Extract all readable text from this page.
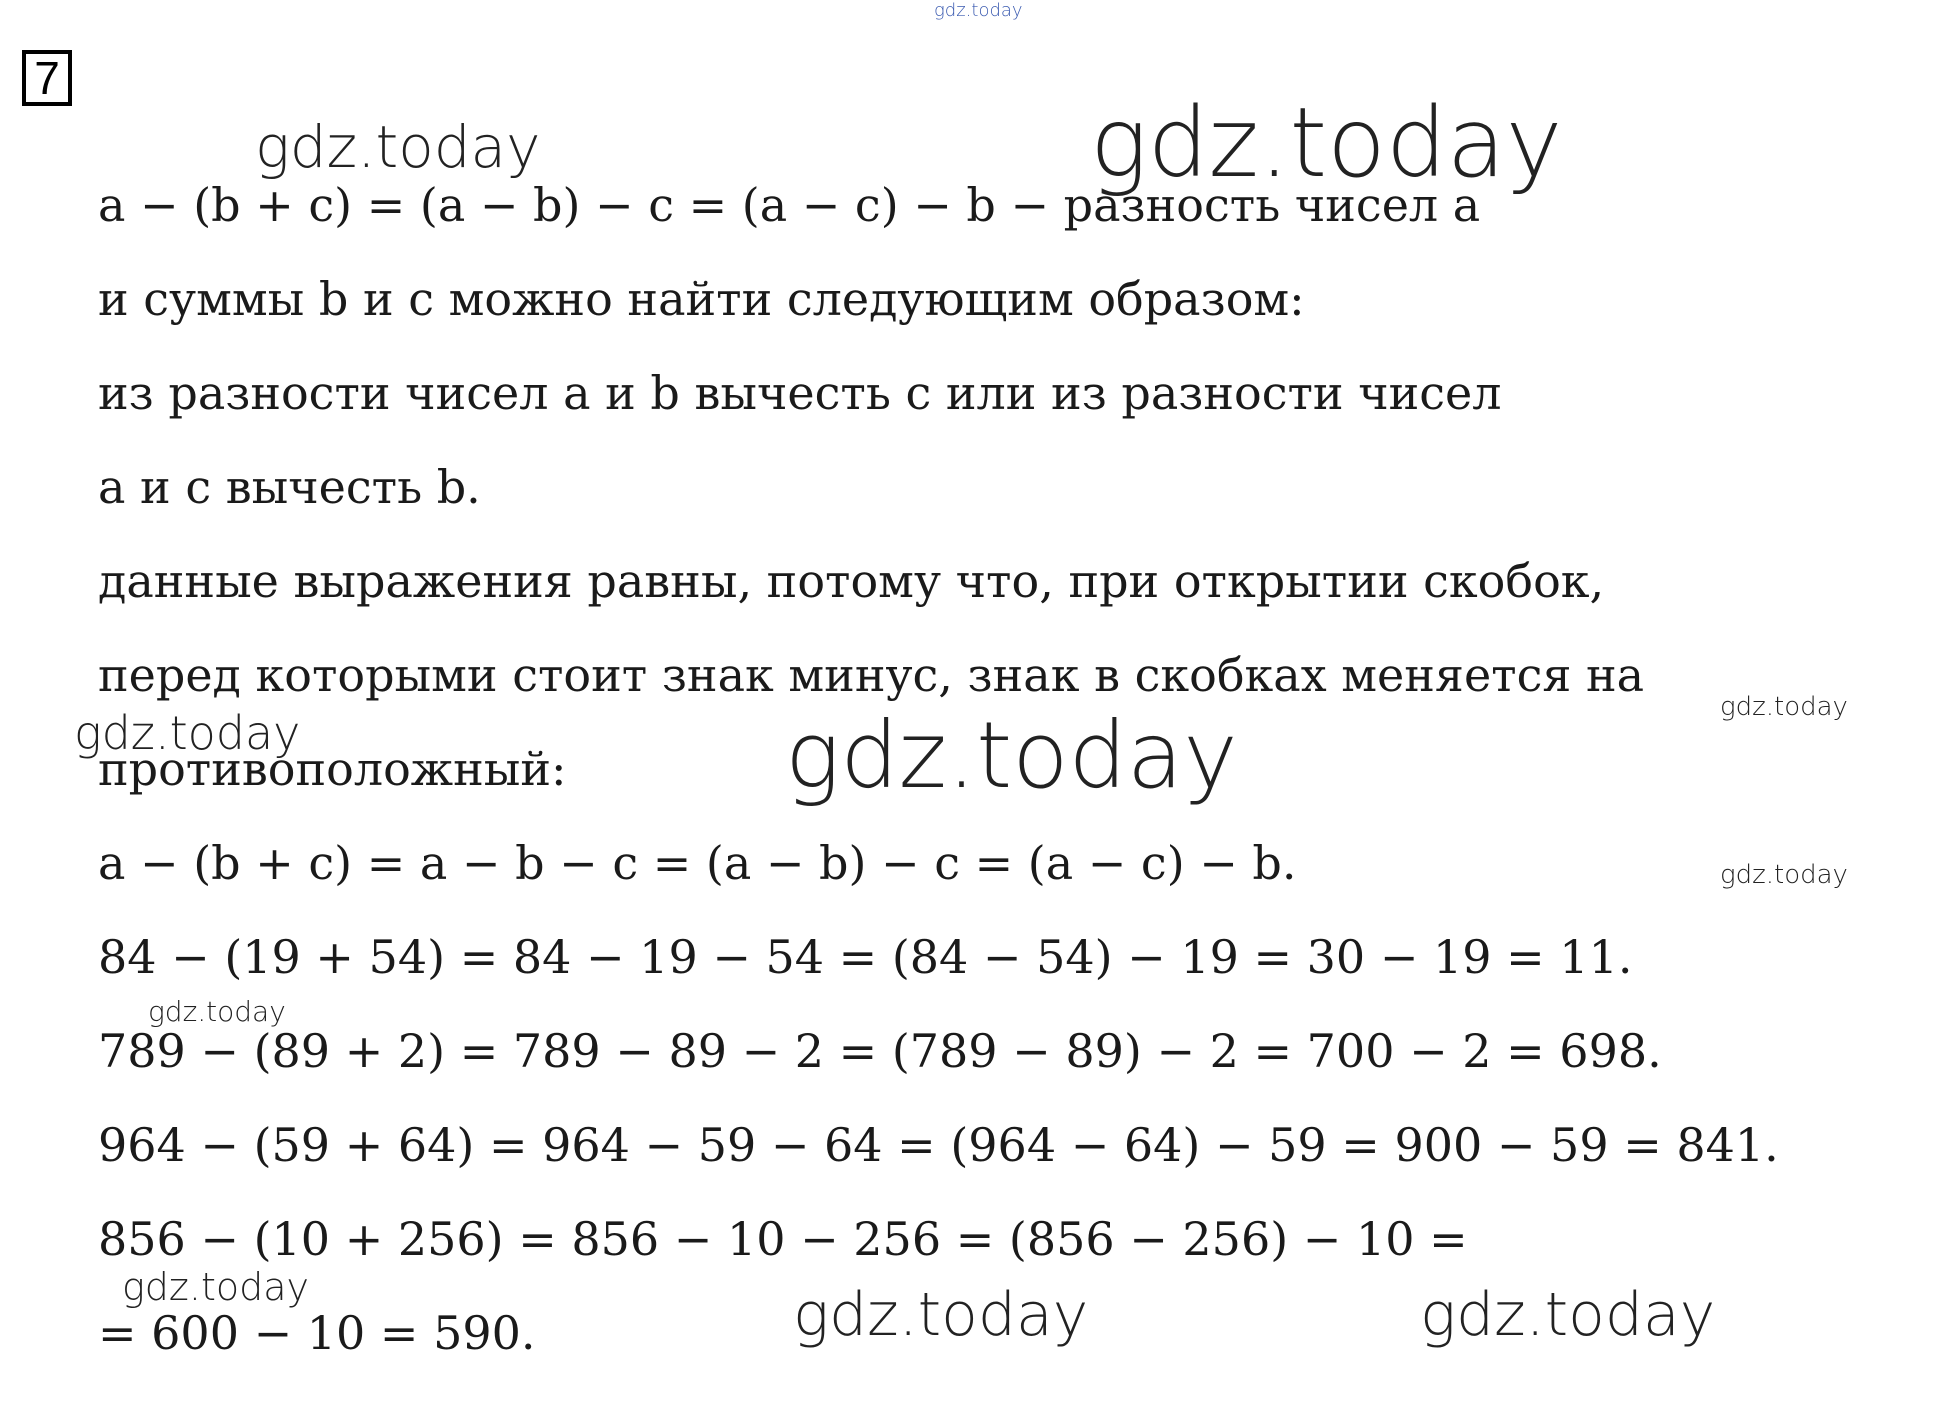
gdz.today
7
gdz.today	gdz.today
gdz.today	gdz.today	gdz.today
gdz.today
gdz.today
gdz.today	gdz.today	gdz.today
a − (b + c) = (a − b) − c = (a − c) − b − разность чисел a
и суммы b и c можно найти следующим образом:
из разности чисел a и b вычесть c или из разности чисел
a и c вычесть b.
данные выражения равны, потому что, при открытии скобок,
перед которыми стоит знак минус, знак в скобках меняется на
противоположный:
a − (b + c) = a − b − c = (a − b) − c = (a − c) − b.
84 − (19 + 54) = 84 − 19 − 54 = (84 − 54) − 19 = 30 − 19 = 11.
789 − (89 + 2) = 789 − 89 − 2 = (789 − 89) − 2 = 700 − 2 = 698.
964 − (59 + 64) = 964 − 59 − 64 = (964 − 64) − 59 = 900 − 59 = 841.
856 − (10 + 256) = 856 − 10 − 256 = (856 − 256) − 10 =
= 600 − 10 = 590.
